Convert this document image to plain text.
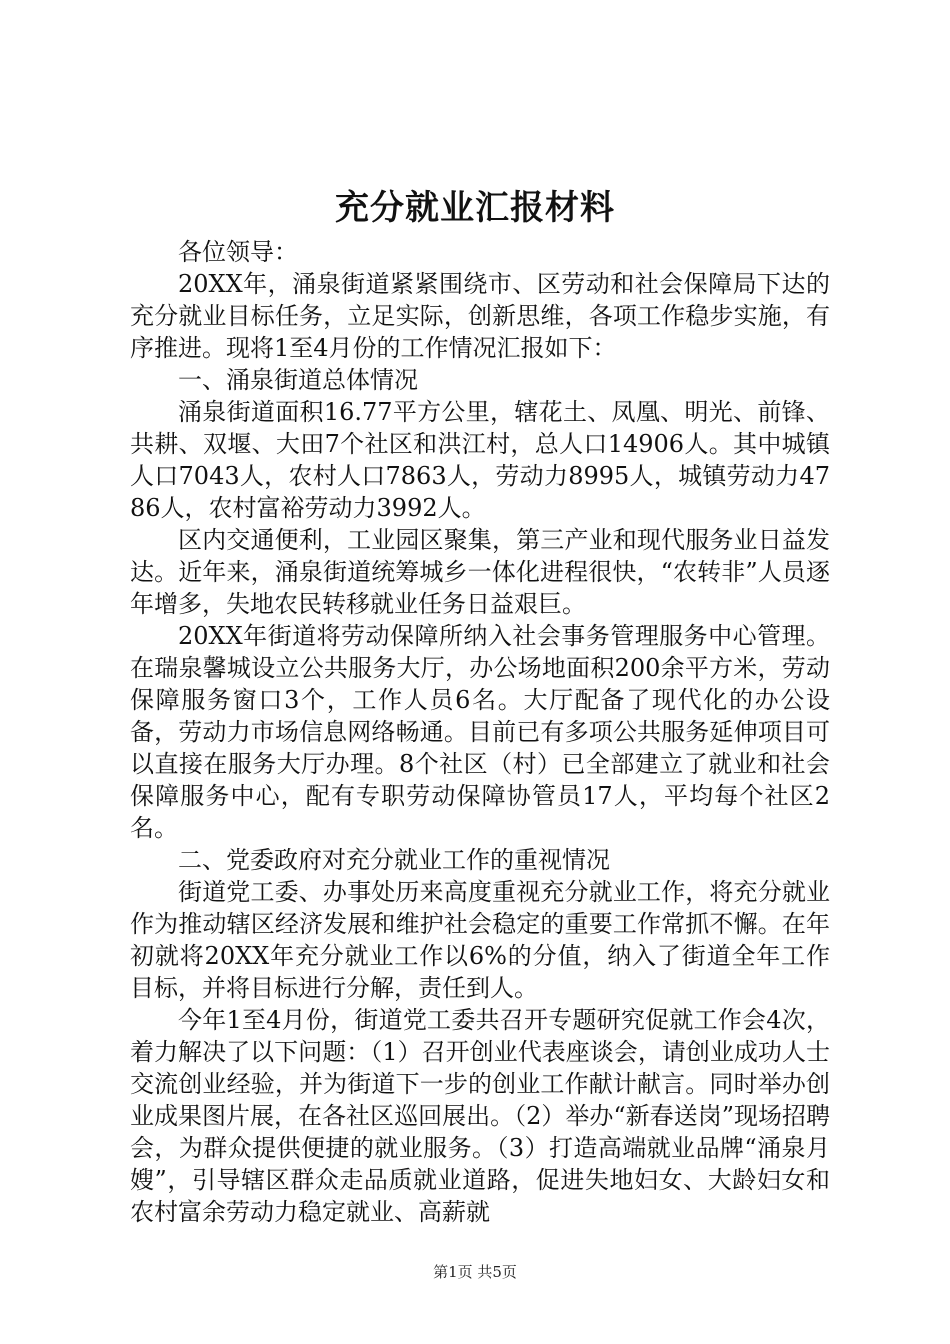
充分就业汇报材料

各位领导：

20XX年，涌泉街道紧紧围绕市、区劳动和社会保障局下达的充分就业目标任务，立足实际，创新思维，各项工作稳步实施，有序推进。现将1至4月份的工作情况汇报如下：

一、涌泉街道总体情况

涌泉街道面积16.77平方公里，辖花土、凤凰、明光、前锋、共耕、双堰、大田7个社区和洪江村，总人口14906人。其中城镇人口7043人，农村人口7863人，劳动力8995人，城镇劳动力4786人，农村富裕劳动力3992人。

区内交通便利，工业园区聚集，第三产业和现代服务业日益发达。近年来，涌泉街道统筹城乡一体化进程很快，“农转非”人员逐年增多，失地农民转移就业任务日益艰巨。

20XX年街道将劳动保障所纳入社会事务管理服务中心管理。在瑞泉馨城设立公共服务大厅，办公场地面积200余平方米，劳动保障服务窗口3个，工作人员6名。大厅配备了现代化的办公设备，劳动力市场信息网络畅通。目前已有多项公共服务延伸项目可以直接在服务大厅办理。8个社区（村）已全部建立了就业和社会保障服务中心，配有专职劳动保障协管员17人，平均每个社区2名。

二、党委政府对充分就业工作的重视情况

街道党工委、办事处历来高度重视充分就业工作，将充分就业作为推动辖区经济发展和维护社会稳定的重要工作常抓不懈。在年初就将20XX年充分就业工作以6%的分值，纳入了街道全年工作目标，并将目标进行分解，责任到人。

今年1至4月份，街道党工委共召开专题研究促就工作会4次，着力解决了以下问题：（1）召开创业代表座谈会，请创业成功人士交流创业经验，并为街道下一步的创业工作献计献言。同时举办创业成果图片展，在各社区巡回展出。（2）举办“新春送岗”现场招聘会，为群众提供便捷的就业服务。（3）打造高端就业品牌“涌泉月嫂”，引导辖区群众走品质就业道路，促进失地妇女、大龄妇女和农村富余劳动力稳定就业、高薪就

第1页 共5页
